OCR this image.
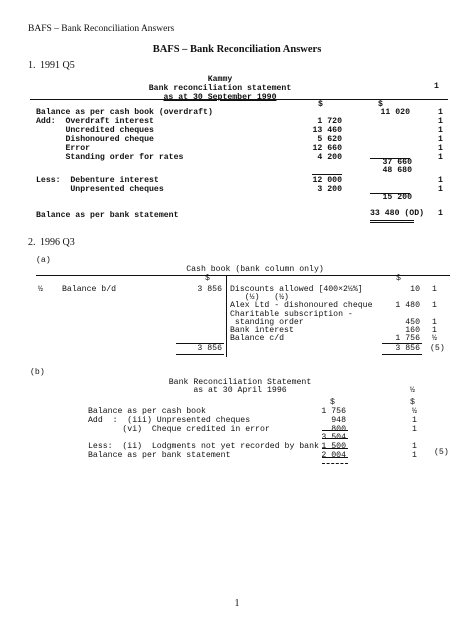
BAFS – Bank Reconciliation Answers
BAFS – Bank Reconciliation Answers
1. 1991 Q5
Kammy
Bank reconciliation statement
as at 30 September 1990
1
$	$
Balance as per cash book (overdraft)	11 020	1
Add:  Overdraft interest	1 720	1
Uncredited cheques	13 460	1
Dishonoured cheque	5 620	1
Error	12 660	1
Standing order for rates	4 200	1
37 660
48 680
Less:  Debenture interest	12 000	1
Unpresented cheques	3 200	1
15 200
Balance as per bank statement	33 480 (OD) 1
2. 1996 Q3
(a)
Cash book (bank column only)
$	$
½ Balance b/d	3 856 Discounts allowed [400×2½%]	10 1
(½)   (½)
Alex Ltd - dishonoured cheque	1 480 1
Charitable subscription -
standing order	450 1
Bank interest	160 1
Balance c/d	1 756 ½
3 856	3 856 (5)
(b)
Bank Reconciliation Statement
as at 30 April 1996	½
$	$
Balance as per cash book	1 756	½
Add  :  (iii) Unpresented cheques	948	1
(vi)  Cheque credited in error	800	1
3 504
Less:  (ii)  Lodgments not yet recorded by bank 1 500	1
Balance as per bank statement	2 004	1 (5)
1
